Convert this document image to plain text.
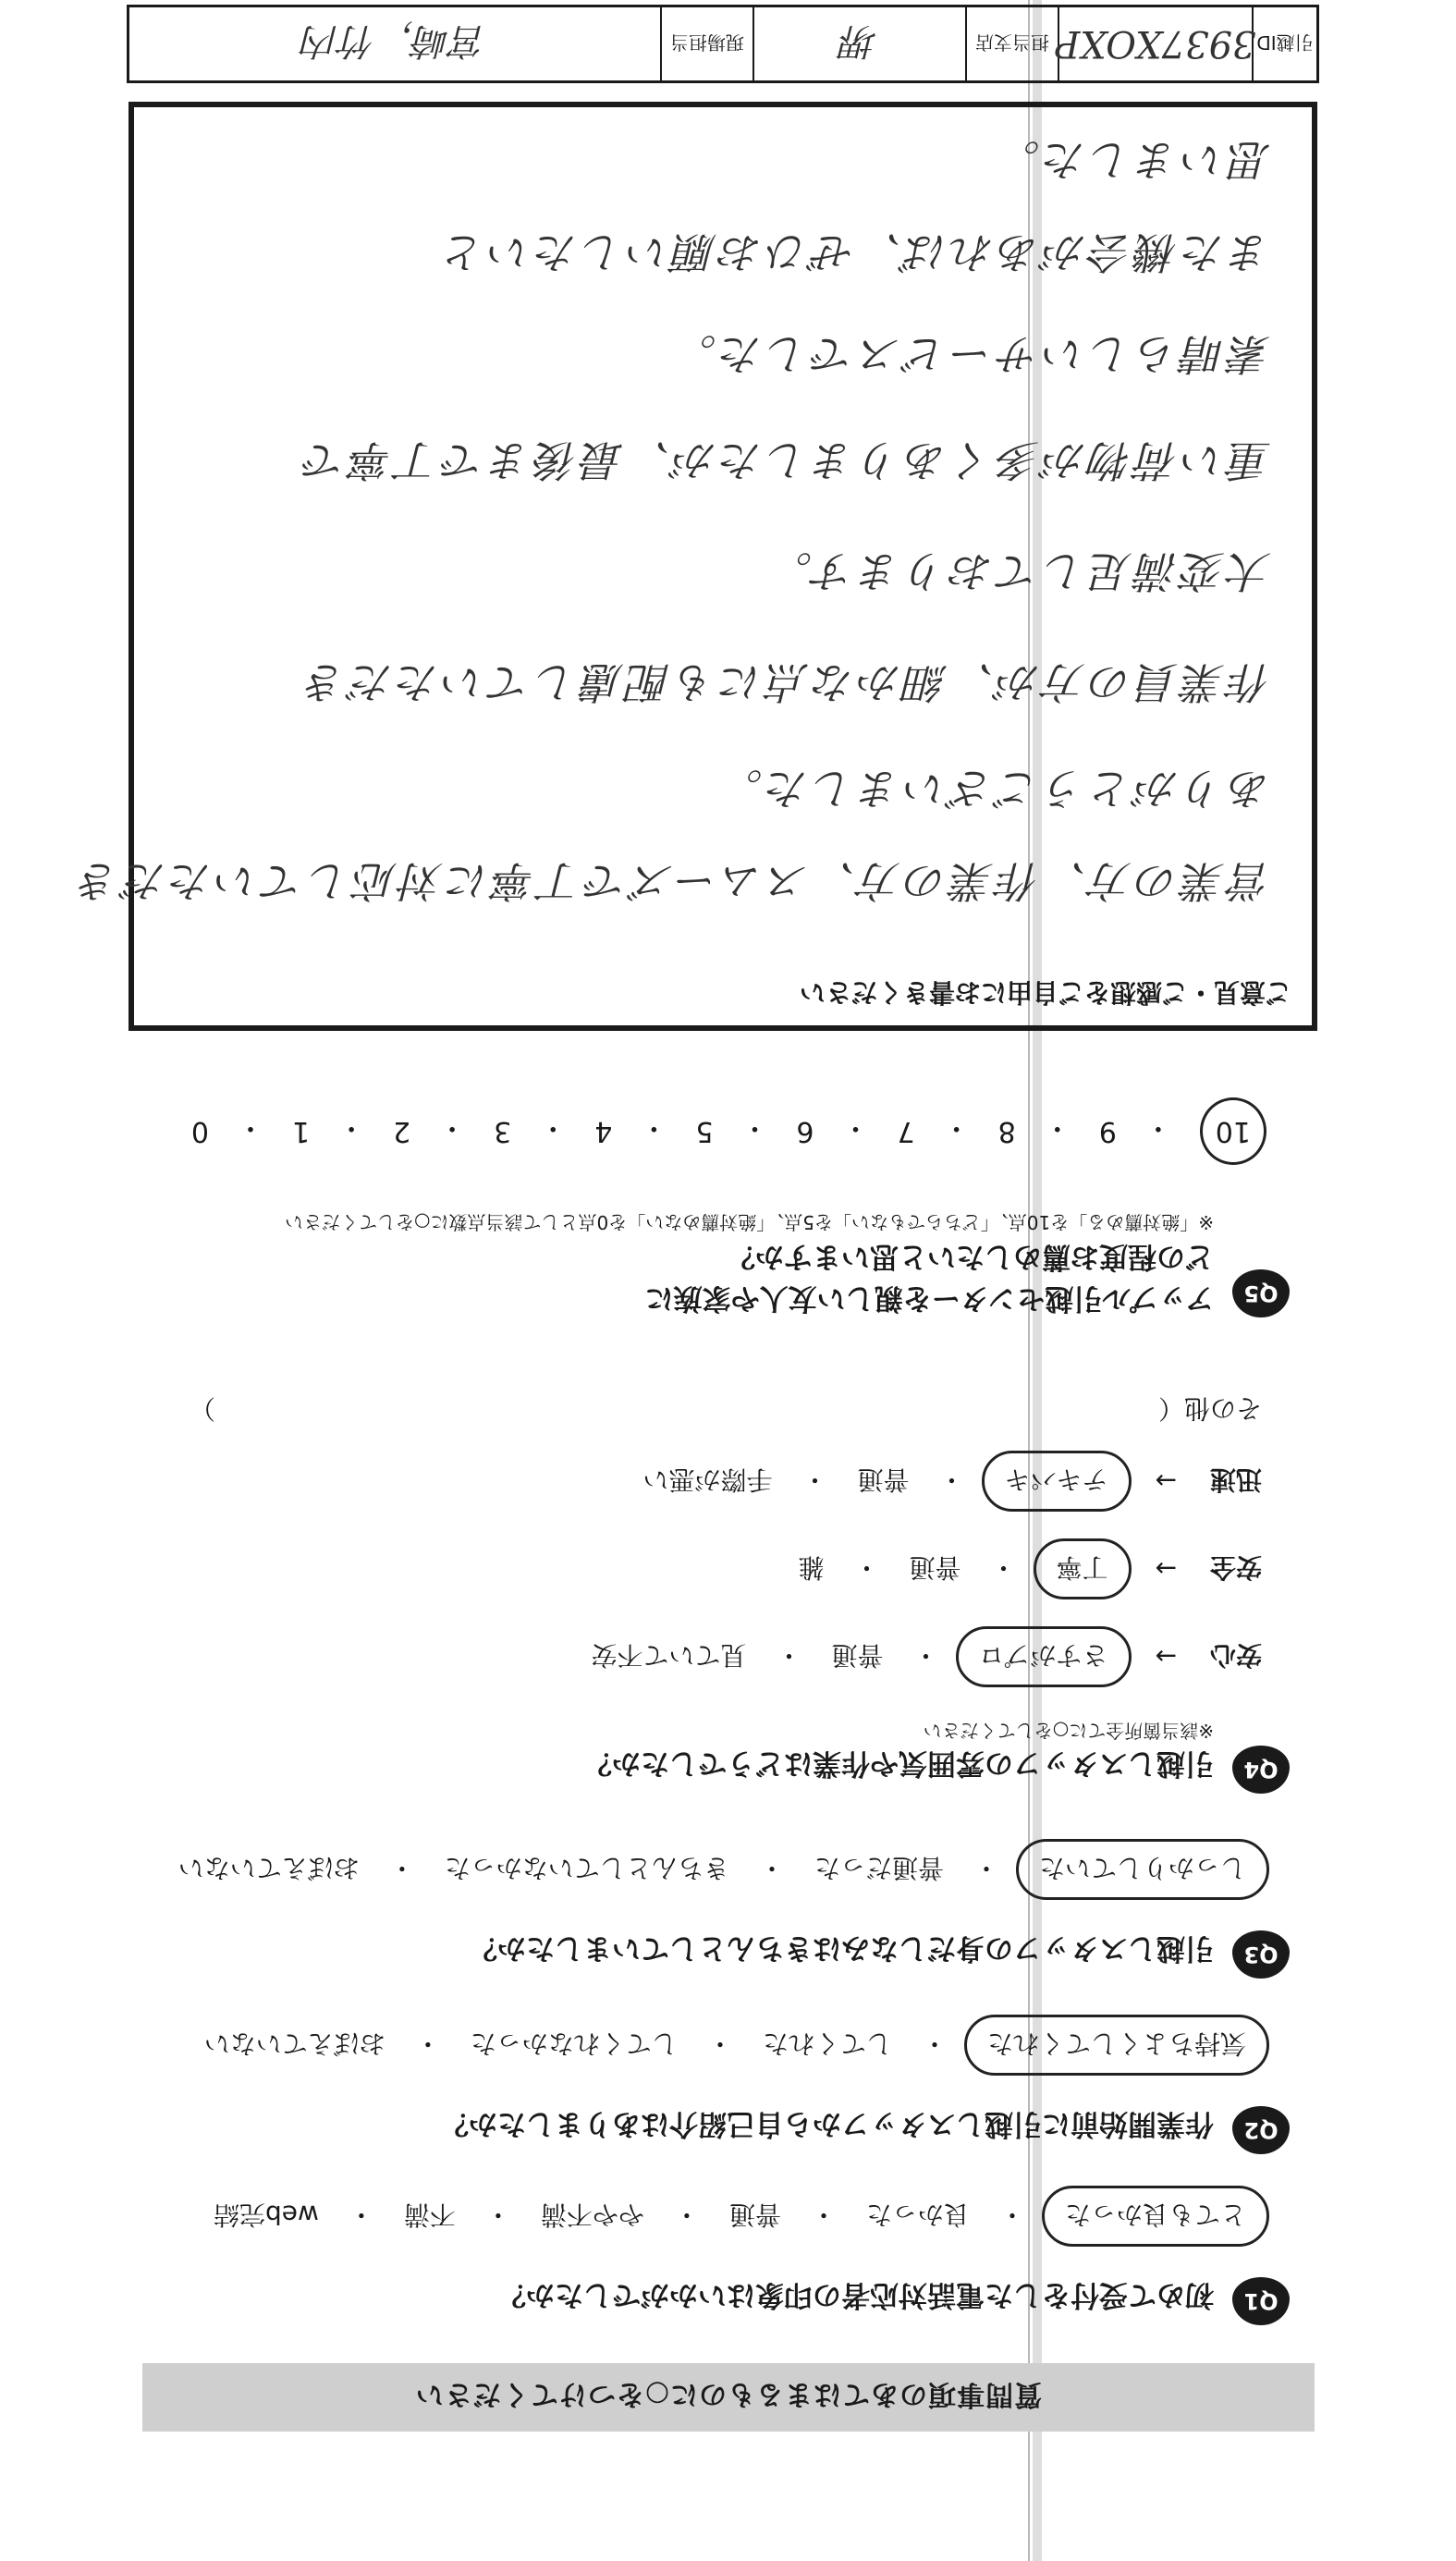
質問事項のあてはまるものに○をつけてください
Q1
初めて受付をした電話対応者の印象はいかがでしたか？
とても良かった
・
良かった
・
普通
・
やや不満
・
不満
・
web完結
Q2
作業開始前に引越しスタッフから自己紹介はありましたか？
気持ちよくしてくれた
・
してくれた
・
してくれなかった
・
おぼえていない
Q3
引越しスタッフの身だしなみはきちんとしていましたか？
しっかりしていた
・
普通だった
・
きちんとしていなかった
・
おぼえていない
Q4
引越しスタッフの雰囲気や作業はどうでしたか？
※該当箇所全てに○をしてください
安心
→
さすがプロ
・
普通
・
見ていて不安
安全
→
丁寧
・
普通
・
雑
迅速
→
テキパキ
・
普通
・
手際が悪い
その他（
）
Q5
アップル引越センターを親しい友人や家族に
どの程度お薦めしたいと思いますか？
※「絶対薦める」を10点、「どちらでもない」を5点、「絶対薦めない」を0点として該当点数に○をしてください
10
・
9
・
8
・
7
・
6
・
5
・
4
・
3
・
2
・
1
・
0
ご意見・ご感想をご自由にお書きください
営業の方、作業の方、スムーズで丁寧に対応していただき
ありがとうございました。
作業員の方が、細かな点にも配慮していただき
大変満足しております。
重い荷物が多くありましたが、最後まで丁寧で
素晴らしいサービスでした。
また機会があれば、ぜひお願いしたいと
思いました。
引越ID
3937XOXP
担当支店
堺
現場担当
宮崎，竹内
